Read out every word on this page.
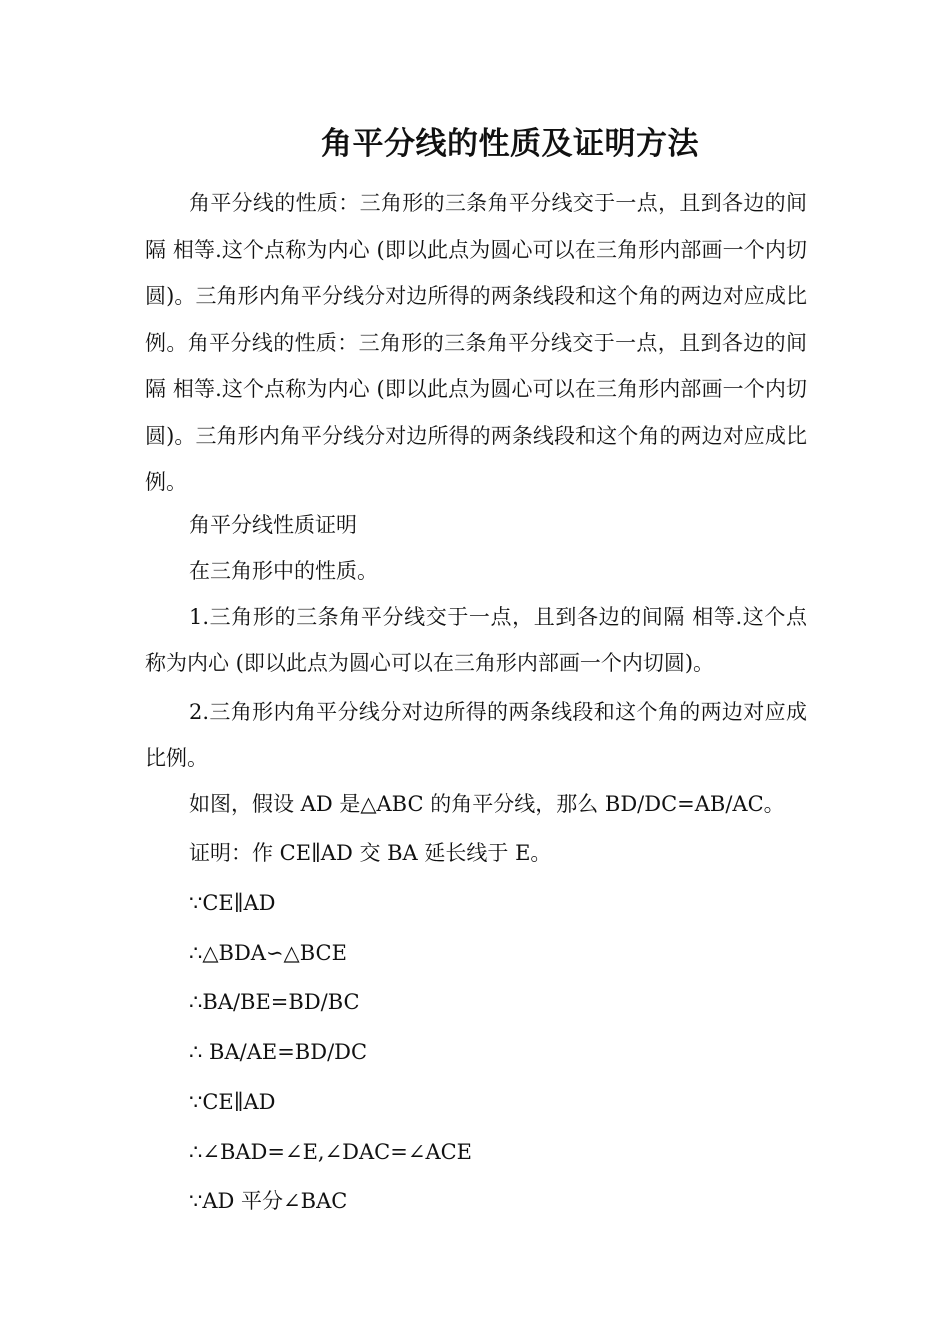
角平分线的性质及证明方法

角平分线的性质：三角形的三条角平分线交于一点，且到各边的间隔 相等.这个点称为内心 (即以此点为圆心可以在三角形内部画一个内切圆)。三角形内角平分线分对边所得的两条线段和这个角的两边对应成比例。角平分线的性质：三角形的三条角平分线交于一点，且到各边的间隔 相等.这个点称为内心 (即以此点为圆心可以在三角形内部画一个内切圆)。三角形内角平分线分对边所得的两条线段和这个角的两边对应成比例。

角平分线性质证明

在三角形中的性质。

1.三角形的三条角平分线交于一点，且到各边的间隔 相等.这个点称为内心 (即以此点为圆心可以在三角形内部画一个内切圆)。

2.三角形内角平分线分对边所得的两条线段和这个角的两边对应成比例。

如图，假设 AD 是△ABC 的角平分线，那么 BD/DC=AB/AC。

证明：作 CE∥AD 交 BA 延长线于 E。

∵CE∥AD

∴△BDA∽△BCE

∴BA/BE=BD/BC

∴ BA/AE=BD/DC

∵CE∥AD

∴∠BAD=∠E,∠DAC=∠ACE

∵AD 平分∠BAC
